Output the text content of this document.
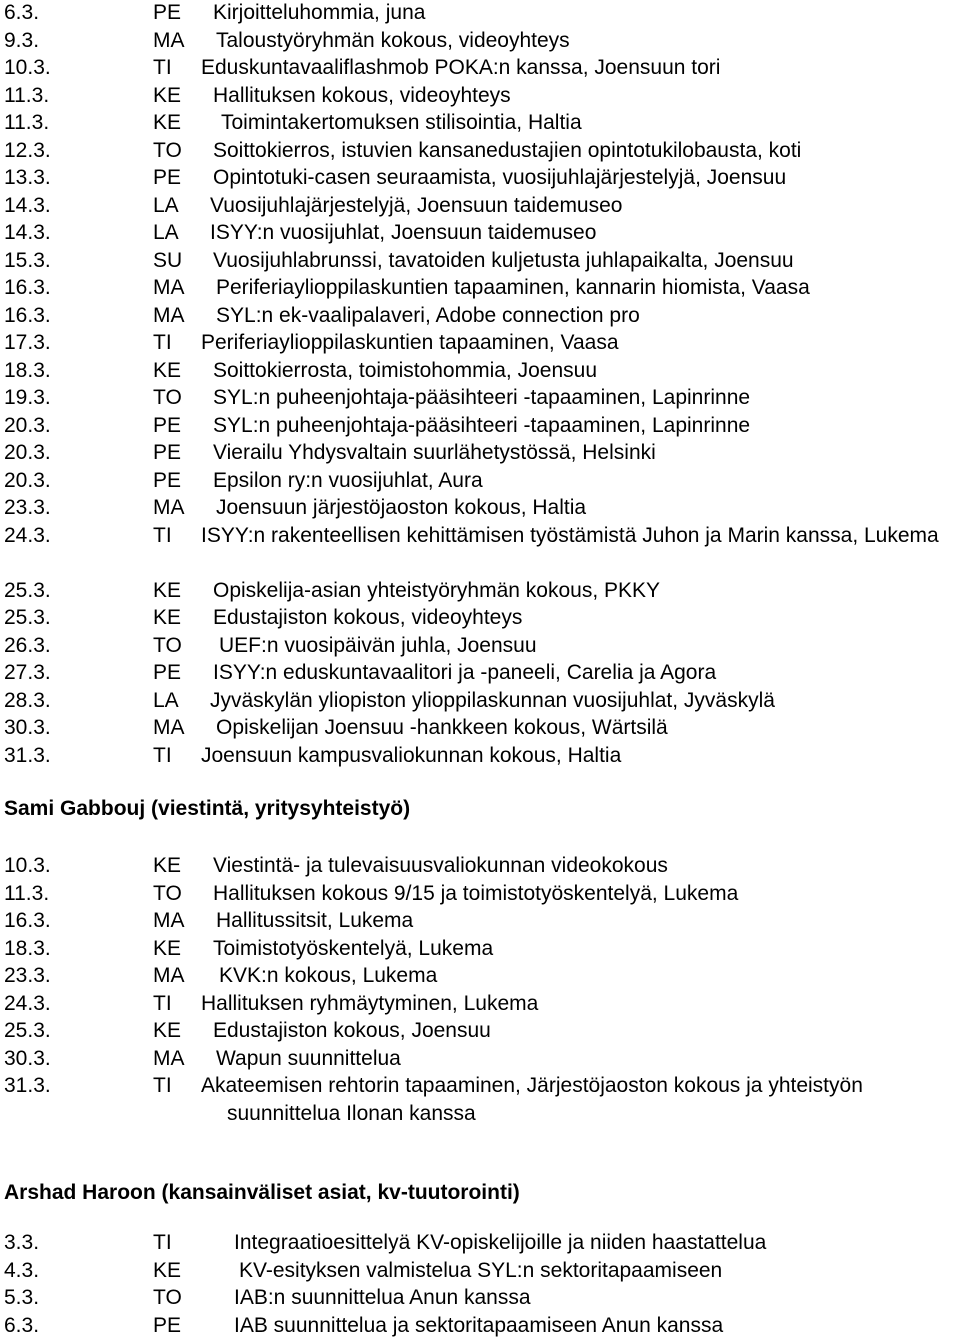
6.3.	PE Kirjoitteluhommia, juna
9.3.	MA Taloustyöryhmän kokous, videoyhteys
10.3.	TI Eduskuntavaaliflashmob POKA:n kanssa, Joensuun tori
11.3.	KE Hallituksen kokous, videoyhteys
11.3.	KE Toimintakertomuksen stilisointia, Haltia
12.3.	TO Soittokierros, istuvien kansanedustajien opintotukilobausta, koti
13.3.	PE Opintotuki-casen seuraamista, vuosijuhlajärjestelyjä, Joensuu
14.3.	LA Vuosijuhlajärjestelyjä, Joensuun taidemuseo
14.3.	LA ISYY:n vuosijuhlat, Joensuun taidemuseo
15.3.	SU Vuosijuhlabrunssi, tavatoiden kuljetusta juhlapaikalta, Joensuu
16.3.	MA Periferiaylioppilaskuntien tapaaminen, kannarin hiomista, Vaasa
16.3.	MA SYL:n ek-vaalipalaveri, Adobe connection pro
17.3.	TI Periferiaylioppilaskuntien tapaaminen, Vaasa
18.3.	KE Soittokierrosta, toimistohommia, Joensuu
19.3.	TO SYL:n puheenjohtaja-pääsihteeri -tapaaminen, Lapinrinne
20.3.	PE SYL:n puheenjohtaja-pääsihteeri -tapaaminen, Lapinrinne
20.3.	PE Vierailu Yhdysvaltain suurlähetystössä, Helsinki
20.3.	PE Epsilon ry:n vuosijuhlat, Aura
23.3.	MA Joensuun järjestöjaoston kokous, Haltia
24.3.	TI ISYY:n rakenteellisen kehittämisen työstämistä Juhon ja Marin kanssa, Lukema
25.3.	KE Opiskelija-asian yhteistyöryhmän kokous, PKKY
25.3.	KE Edustajiston kokous, videoyhteys
26.3.	TO UEF:n vuosipäivän juhla, Joensuu
27.3.	PE ISYY:n eduskuntavaalitori ja -paneeli, Carelia ja Agora
28.3.	LA Jyväskylän yliopiston ylioppilaskunnan vuosijuhlat, Jyväskylä
30.3.	MA Opiskelijan Joensuu -hankkeen kokous, Wärtsilä
31.3.	TI Joensuun kampusvaliokunnan kokous, Haltia
Sami Gabbouj (viestintä, yritysyhteistyö)
10.3.	KE Viestintä- ja tulevaisuusvaliokunnan videokokous
11.3.	TO Hallituksen kokous 9/15 ja toimistotyöskentelyä, Lukema
16.3.	MA Hallitussitsit, Lukema
18.3.	KE Toimistotyöskentelyä, Lukema
23.3.	MA KVK:n kokous, Lukema
24.3.	TI Hallituksen ryhmäytyminen, Lukema
25.3.	KE Edustajiston kokous, Joensuu
30.3.	MA Wapun suunnittelua
31.3.	TI Akateemisen rehtorin tapaaminen, Järjestöjaoston kokous ja yhteistyön suunnittelua Ilonan kanssa
Arshad Haroon (kansainväliset asiat, kv-tuutorointi)
3.3.	TI	Integraatioesittelyä KV-opiskelijoille ja niiden haastattelua
4.3.	KE	KV-esityksen valmistelua SYL:n sektoritapaamiseen
5.3.	TO IAB:n suunnittelua Anun kanssa
6.3.	PE	IAB suunnittelua ja sektoritapaamiseen Anun kanssa
